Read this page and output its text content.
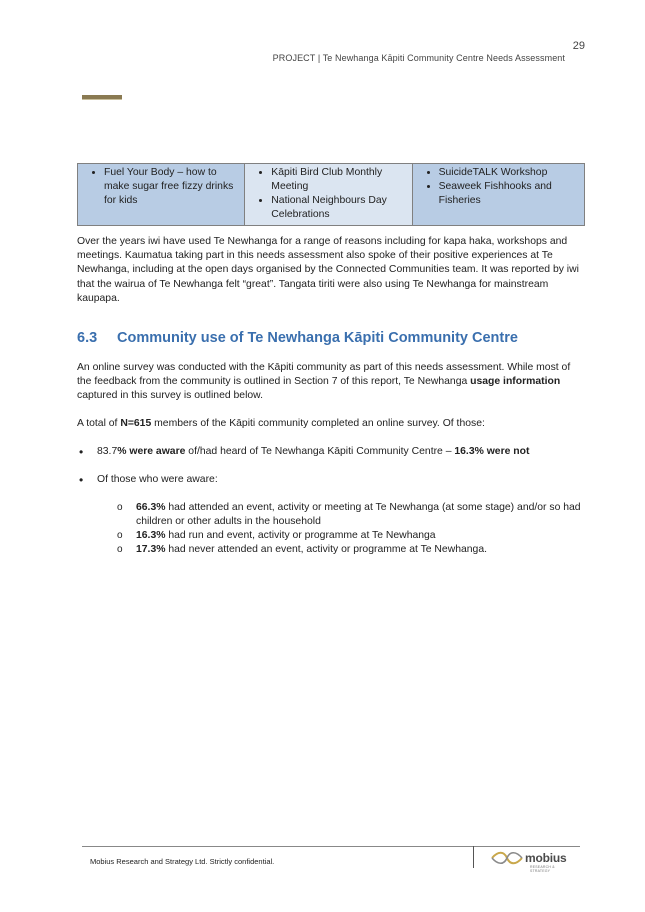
29
PROJECT | Te Newhanga Kāpiti Community Centre Needs Assessment
• Fuel Your Body – how to make sugar free fizzy drinks for kids

• Kāpiti Bird Club Monthly Meeting
• National Neighbours Day Celebrations

• SuicideTALK Workshop
• Seaweek Fishhooks and Fisheries

Over the years iwi have used Te Newhanga for a range of reasons including for kapa haka, workshops and meetings. Kaumatua taking part in this needs assessment also spoke of their positive experiences at Te Newhanga, including at the open days organised by the Connected Communities team. It was reported by iwi that the wairua of Te Newhanga felt “great”. Tangata tiriti were also using Te Newhanga for mainstream kaupapa.

6.3 Community use of Te Newhanga Kāpiti Community Centre

An online survey was conducted with the Kāpiti community as part of this needs assessment. While most of the feedback from the community is outlined in Section 7 of this report, Te Newhanga usage information captured in this survey is outlined below.

A total of N=615 members of the Kāpiti community completed an online survey. Of those:

• 83.7% were aware of/had heard of Te Newhanga Kāpiti Community Centre – 16.3% were not
• Of those who were aware:
o 66.3% had attended an event, activity or meeting at Te Newhanga (at some stage) and/or so had children or other adults in the household
o 16.3% had run and event, activity or programme at Te Newhanga
o 17.3% had never attended an event, activity or programme at Te Newhanga.
Mobius Research and Strategy Ltd. Strictly confidential.	mobius
RESEARCH & STRATEGY
